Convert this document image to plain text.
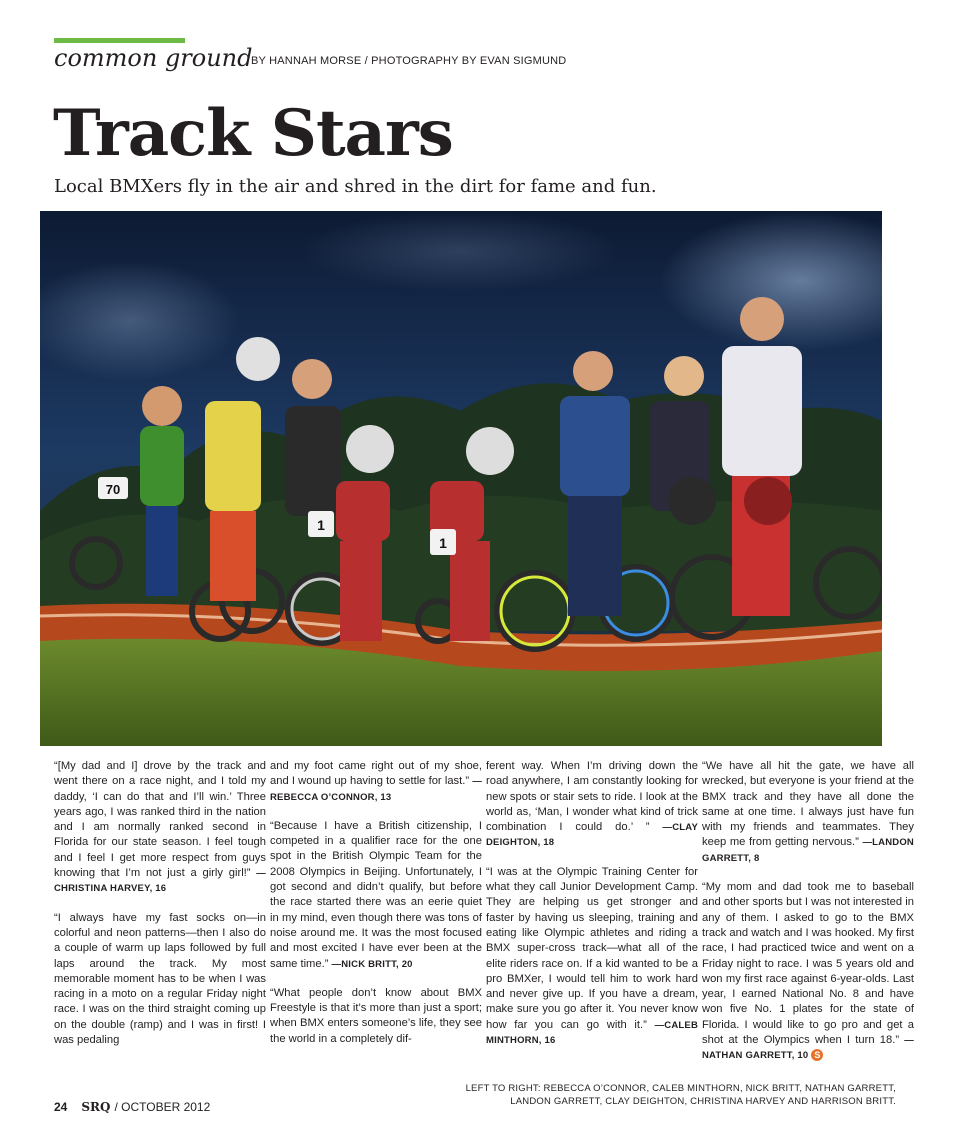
common ground
BY HANNAH MORSE / PHOTOGRAPHY BY EVAN SIGMUND
Track Stars
Local BMXers fly in the air and shred in the dirt for fame and fun.
70
1
1

“[My dad and I] drove by the track and went there on a race night, and I told my daddy, ‘I can do that and I’ll win.’ Three years ago, I was ranked third in the nation and I am normally ranked second in Florida for our state season. I feel tough and I feel I get more respect from guys knowing that I’m not just a girly girl!” —CHRISTINA HARVEY, 16

“I always have my fast socks on—in colorful and neon patterns—then I also do a couple of warm up laps followed by full laps around the track. My most memorable moment has to be when I was racing in a moto on a regular Friday night race. I was on the third straight coming up on the double (ramp) and I was in first! I was pedaling

and my foot came right out of my shoe, and I wound up having to settle for last.” —REBECCA O’CONNOR, 13

“Because I have a British citizenship, I competed in a qualifier race for the one spot in the British Olympic Team for the 2008 Olympics in Beijing. Unfortunately, I got second and didn’t qualify, but before the race started there was an eerie quiet in my mind, even though there was tons of noise around me. It was the most focused and most excited I have ever been at the same time.” —NICK BRITT, 20

“What people don’t know about BMX Freestyle is that it’s more than just a sport; when BMX enters someone’s life, they see the world in a completely dif-

ferent way. When I’m driving down the road anywhere, I am constantly looking for new spots or stair sets to ride. I look at the world as, ‘Man, I wonder what kind of trick combination I could do.’ ” —CLAY DEIGHTON, 18

“I was at the Olympic Training Center for what they call Junior Development Camp. They are helping us get stronger and faster by having us sleeping, training and eating like Olympic athletes and riding a BMX super-cross track—what all of the elite riders race on. If a kid wanted to be a pro BMXer, I would tell him to work hard and never give up. If you have a dream, make sure you go after it. You never know how far you can go with it.” —CALEB MINTHORN, 16

“We have all hit the gate, we have all wrecked, but everyone is your friend at the BMX track and they have all done the same at one time. I always just have fun with my friends and teammates. They keep me from getting nervous.” —LANDON GARRETT, 8

“My mom and dad took me to baseball and other sports but I was not interested in any of them. I asked to go to the BMX track and watch and I was hooked. My first race, I had practiced twice and went on a Friday night to race. I was 5 years old and won my first race against 6-year-olds. Last year, I earned National No. 8 and have won five No. 1 plates for the state of Florida. I would like to go pro and get a shot at the Olympics when I turn 18.” —NATHAN GARRETT, 10 S

LEFT TO RIGHT: REBECCA O’CONNOR, CALEB MINTHORN, NICK BRITT, NATHAN GARRETT,
LANDON GARRETT, CLAY DEIGHTON, CHRISTINA HARVEY AND HARRISON BRITT.
24 SRQ / OCTOBER 2012
